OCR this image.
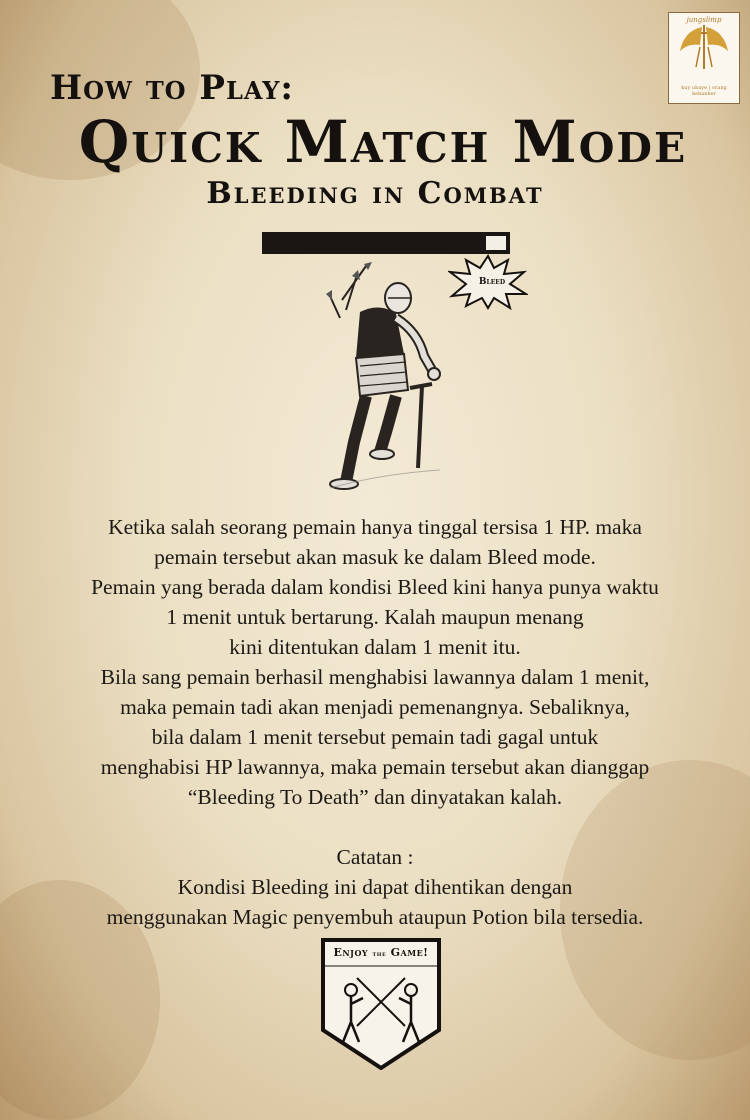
jungslimp
kuy ubaye | orang kebanker
How to Play:
Quick Match Mode
Bleeding in Combat
Bleed

Ketika salah seorang pemain hanya tinggal tersisa 1 HP. maka

pemain tersebut akan masuk ke dalam Bleed mode.

Pemain yang berada dalam kondisi Bleed kini hanya punya waktu

1 menit untuk bertarung. Kalah maupun menang

kini ditentukan dalam 1 menit itu.

Bila sang pemain berhasil menghabisi lawannya dalam 1 menit,

maka pemain tadi akan menjadi pemenangnya. Sebaliknya,

bila dalam 1 menit tersebut pemain tadi gagal untuk

menghabisi HP lawannya, maka pemain tersebut akan dianggap

“Bleeding To Death” dan dinyatakan kalah.

Catatan :

Kondisi Bleeding ini dapat dihentikan dengan

menggunakan Magic penyembuh ataupun Potion bila tersedia.

Enjoy the Game!
